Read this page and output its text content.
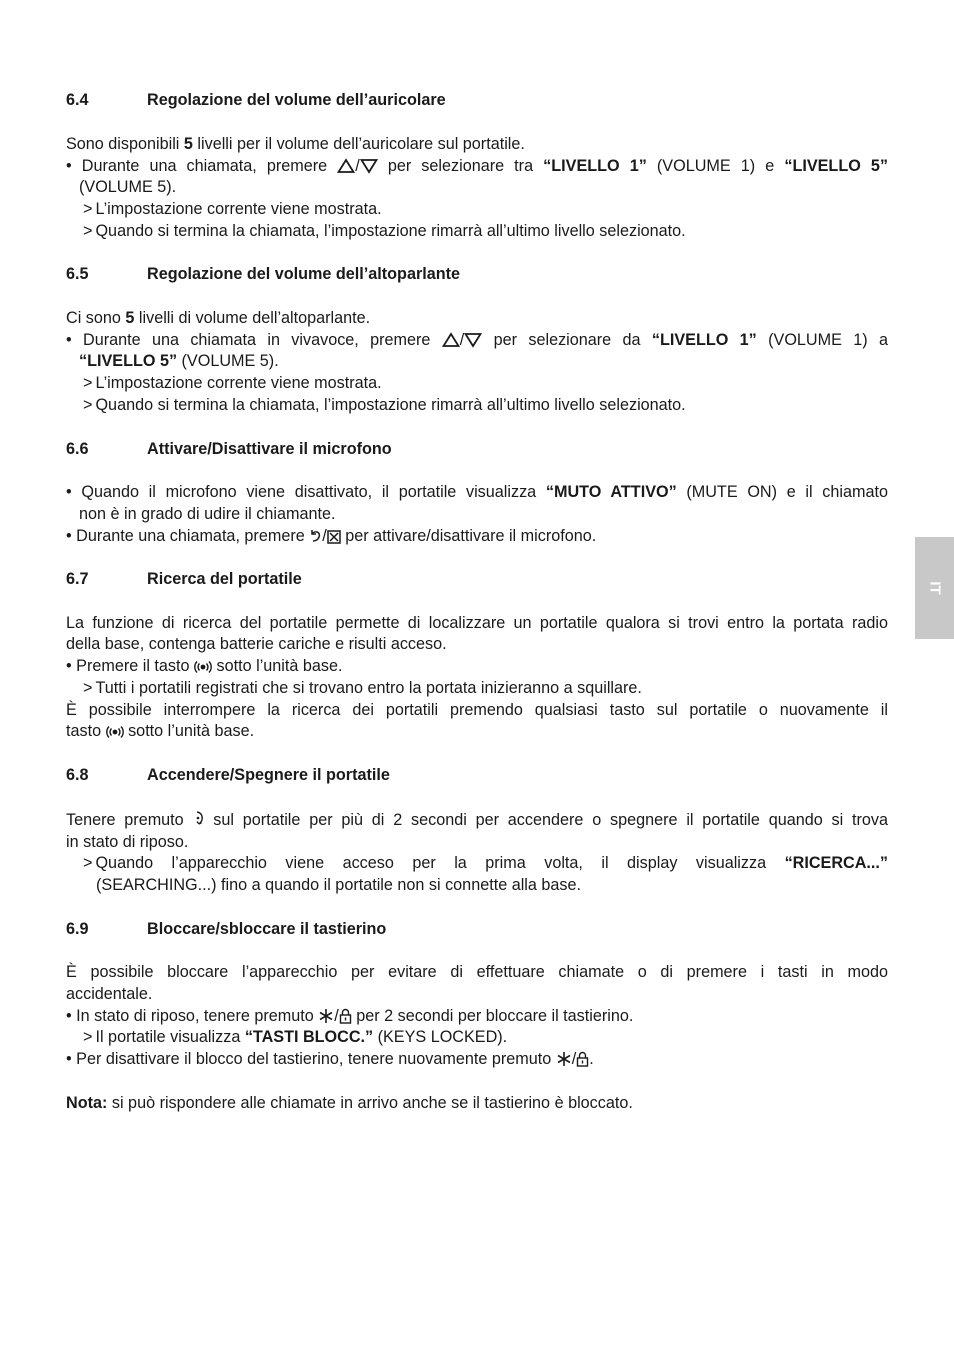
IT
6.4	Regolazione del volume dell’auricolare
Sono disponibili 5 livelli per il volume dell’auricolare sul portatile.
• Durante una chiamata, premere / per selezionare tra “LIVELLO 1” (VOLUME 1) e “LIVELLO 5”
(VOLUME 5).
> L’impostazione corrente viene mostrata.
> Quando si termina la chiamata, l’impostazione rimarrà all’ultimo livello selezionato.
6.5	Regolazione del volume dell’altoparlante
Ci sono 5 livelli di volume dell’altoparlante.
• Durante una chiamata in vivavoce, premere / per selezionare da “LIVELLO 1” (VOLUME 1) a
“LIVELLO 5” (VOLUME 5).
> L’impostazione corrente viene mostrata.
> Quando si termina la chiamata, l’impostazione rimarrà all’ultimo livello selezionato.
6.6	Attivare/Disattivare il microfono
• Quando il microfono viene disattivato, il portatile visualizza “MUTO ATTIVO” (MUTE ON) e il chiamato
non è in grado di udire il chiamante.
• Durante una chiamata, premere / per attivare/disattivare il microfono.
6.7	Ricerca del portatile
La funzione di ricerca del portatile permette di localizzare un portatile qualora si trovi entro la portata radio
della base, contenga batterie cariche e risulti acceso.
• Premere il tasto  sotto l’unità base.
> Tutti i portatili registrati che si trovano entro la portata inizieranno a squillare.
È possibile interrompere la ricerca dei portatili premendo qualsiasi tasto sul portatile o nuovamente il
tasto  sotto l’unità base.
6.8	Accendere/Spegnere il portatile
Tenere premuto  sul portatile per più di 2 secondi per accendere o spegnere il portatile quando si trova
in stato di riposo.
> Quando l’apparecchio viene acceso per la prima volta, il display visualizza “RICERCA...”
(SEARCHING...) fino a quando il portatile non si connette alla base.
6.9	Bloccare/sbloccare il tastierino
È possibile bloccare l’apparecchio per evitare di effettuare chiamate o di premere i tasti in modo
accidentale.
• In stato di riposo, tenere premuto / per 2 secondi per bloccare il tastierino.
> Il portatile visualizza “TASTI BLOCC.” (KEYS LOCKED).
• Per disattivare il blocco del tastierino, tenere nuovamente premuto / .
Nota: si può rispondere alle chiamate in arrivo anche se il tastierino è bloccato.
